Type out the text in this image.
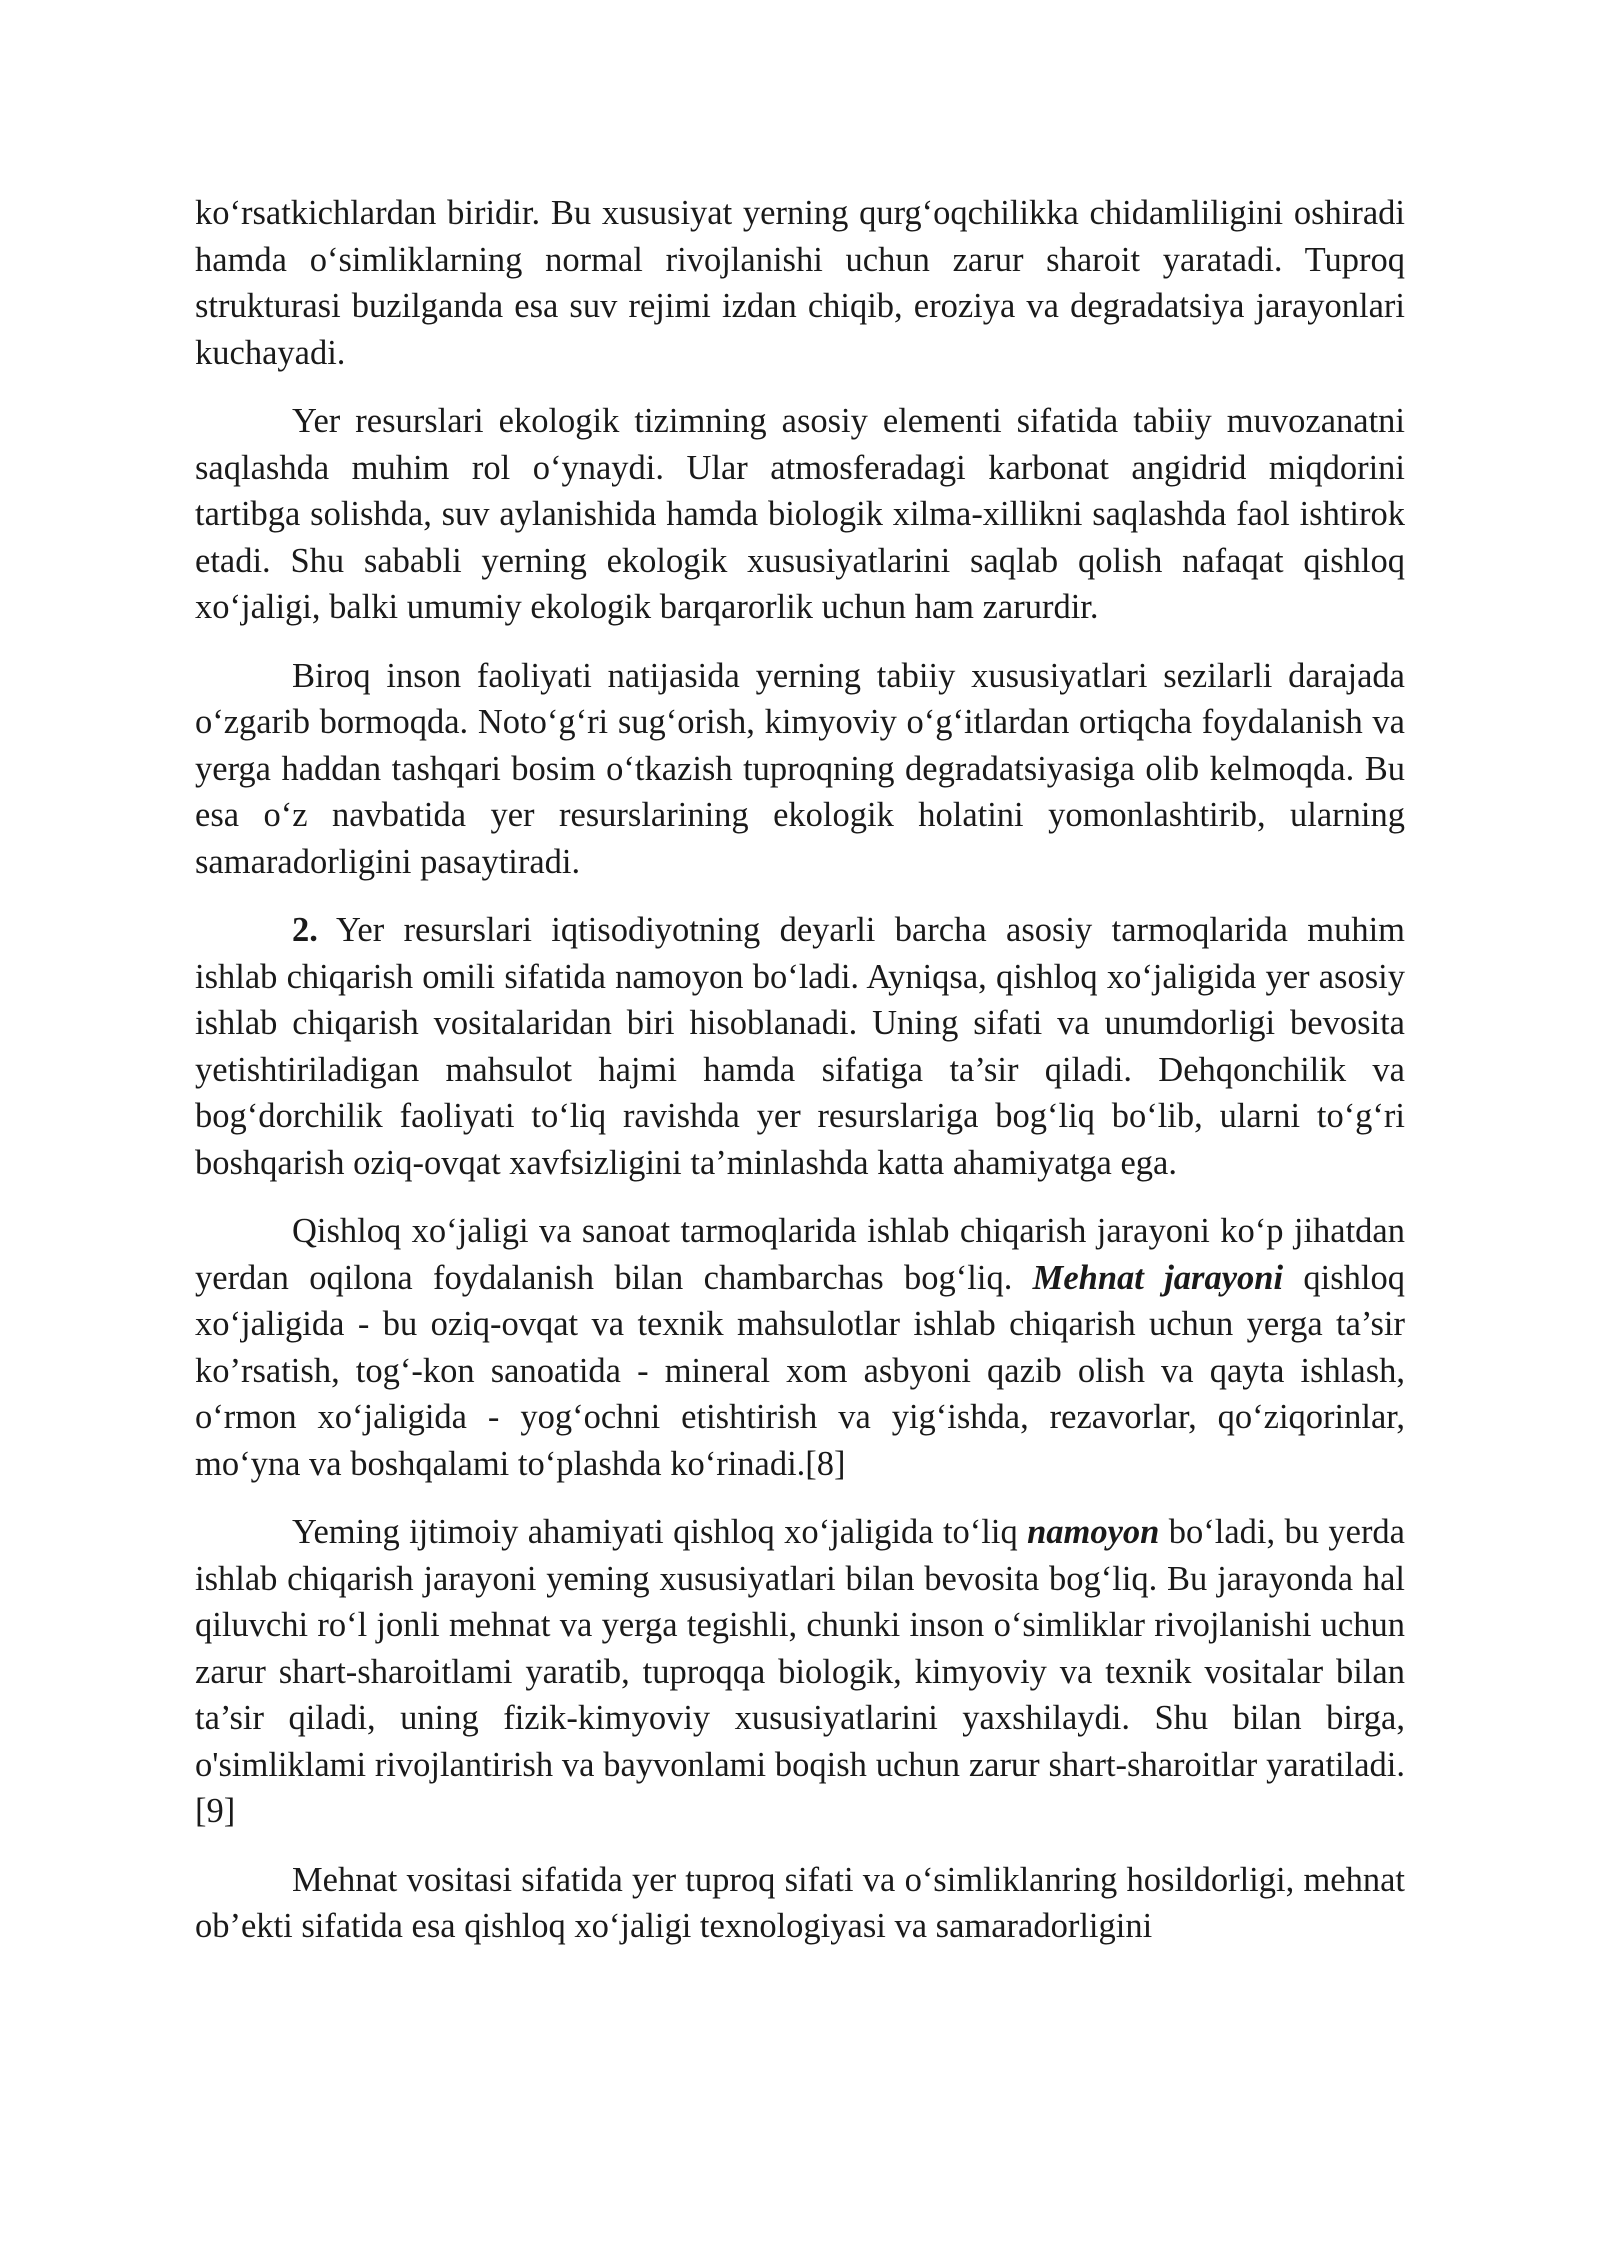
ko‘rsatkichlardan biridir. Bu xususiyat yerning qurg‘oqchilikka chidamliligini oshiradi hamda o‘simliklarning normal rivojlanishi uchun zarur sharoit yaratadi. Tuproq strukturasi buzilganda esa suv rejimi izdan chiqib, eroziya va degradatsiya jarayonlari kuchayadi.

Yer resurslari ekologik tizimning asosiy elementi sifatida tabiiy muvozanatni saqlashda muhim rol o‘ynaydi. Ular atmosferadagi karbonat angidrid miqdorini tartibga solishda, suv aylanishida hamda biologik xilma-xillikni saqlashda faol ishtirok etadi. Shu sababli yerning ekologik xususiyatlarini saqlab qolish nafaqat qishloq xo‘jaligi, balki umumiy ekologik barqarorlik uchun ham zarurdir.

Biroq inson faoliyati natijasida yerning tabiiy xususiyatlari sezilarli darajada o‘zgarib bormoqda. Noto‘g‘ri sug‘orish, kimyoviy o‘g‘itlardan ortiqcha foydalanish va yerga haddan tashqari bosim o‘tkazish tuproqning degradatsiyasiga olib kelmoqda. Bu esa o‘z navbatida yer resurslarining ekologik holatini yomonlashtirib, ularning samaradorligini pasaytiradi.

2. Yer resurslari iqtisodiyotning deyarli barcha asosiy tarmoqlarida muhim ishlab chiqarish omili sifatida namoyon bo‘ladi. Ayniqsa, qishloq xo‘jaligida yer asosiy ishlab chiqarish vositalaridan biri hisoblanadi. Uning sifati va unumdorligi bevosita yetishtiriladigan mahsulot hajmi hamda sifatiga ta’sir qiladi. Dehqonchilik va bog‘dorchilik faoliyati to‘liq ravishda yer resurslariga bog‘liq bo‘lib, ularni to‘g‘ri boshqarish oziq-ovqat xavfsizligini ta’minlashda katta ahamiyatga ega.

Qishloq xo‘jaligi va sanoat tarmoqlarida ishlab chiqarish jarayoni ko‘p jihatdan yerdan oqilona foydalanish bilan chambarchas bog‘liq. Mehnat jarayoni qishloq xo‘jaligida - bu oziq-ovqat va texnik mahsulotlar ishlab chiqarish uchun yerga ta’sir ko’rsatish, tog‘-kon sanoatida - mineral xom asbyoni qazib olish va qayta ishlash, o‘rmon xo‘jaligida - yog‘ochni etishtirish va yig‘ishda, rezavorlar, qo‘ziqorinlar, mo‘yna va boshqalami to‘plashda ko‘rinadi.[8]

Yeming ijtimoiy ahamiyati qishloq xo‘jaligida to‘liq namoyon bo‘ladi, bu yerda ishlab chiqarish jarayoni yeming xususiyatlari bilan bevosita bog‘liq. Bu jarayonda hal qiluvchi ro‘l jonli mehnat va yerga tegishli, chunki inson o‘simliklar rivojlanishi uchun zarur shart-sharoitlami yaratib, tuproqqa biologik, kimyoviy va texnik vositalar bilan ta’sir qiladi, uning fizik-kimyoviy xususiyatlarini yaxshilaydi. Shu bilan birga, o'simliklami rivojlantirish va bayvonlami boqish uchun zarur shart-sharoitlar yaratiladi.[9]

Mehnat vositasi sifatida yer tuproq sifati va o‘simliklanring hosildorligi, mehnat ob’ekti sifatida esa qishloq xo‘jaligi texnologiyasi va samaradorligini
